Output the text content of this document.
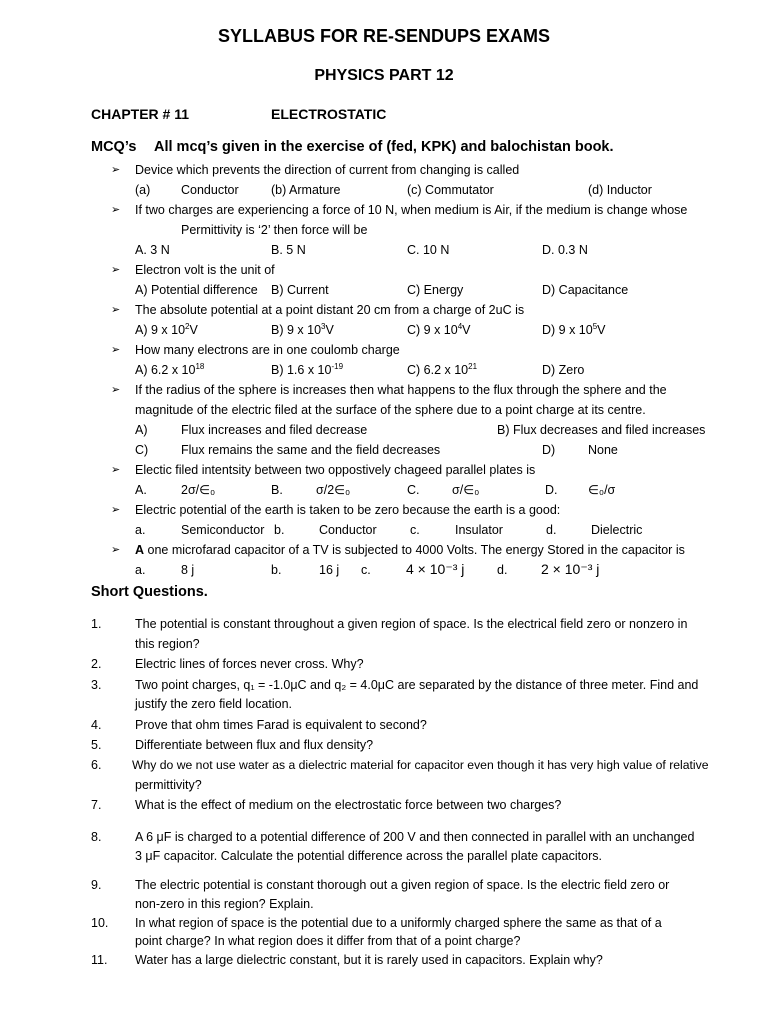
SYLLABUS FOR RE-SENDUPS EXAMS
PHYSICS PART 12
CHAPTER # 11	ELECTROSTATIC
MCQ’s All mcq’s given in the exercise of (fed, KPK) and balochistan book.
➢ Device which prevents the direction of current from changing is called
(a) Conductor	(b) Armature	(c) Commutator	(d) Inductor
➢ If two charges are experiencing a force of 10 N, when medium is Air, if the medium is change whose
Permittivity is ‘2’ then force will be
A. 3 N	B. 5 N	C. 10 N	D. 0.3 N
➢ Electron volt is the unit of
A) Potential difference B) Current	C) Energy	D) Capacitance
➢ The absolute potential at a point distant 20 cm from a charge of 2uC is
A) 9 x $10^2V$	B) 9 x $10^3V$	C) 9 x $10^4V$	D) 9 x $10^5V$
➢ How many electrons are in one coulomb charge
A) 6.2 x $10^{18}$	B) 1.6 x $10^{-19}$	C) 6.2 x $10^{21}$	D) Zero
➢ If the radius of the sphere is increases then what happens to the flux through the sphere and the
magnitude of the electric filed at the surface of the sphere due to a point charge at its centre.
A)	Flux increases and filed decrease	B) Flux decreases and filed increases
C)	Flux remains the same and the field decreases	D)	None
➢ Electic filed intentsity between two oppostively chageed parallel plates is
A.	2σ/∈₀	B.	σ/2∈₀	C.	σ/∈₀	D. ∈₀/σ
➢ Electric potential of the earth is taken to be zero because the earth is a good:
a.	Semiconductor b.	Conductor	c.	Insulator	d.	Dielectric
➢ A one microfarad capacitor of a TV is subjected to 4000 Volts. The energy Stored in the capacitor is
a.	8 j	b.	16 j c.	4 × 10⁻³ j	d. 2 × 10⁻³ j
Short Questions.
1.	The potential is constant throughout a given region of space. Is the electrical field zero or nonzero in
this region?
2.	Electric lines of forces never cross. Why?
3.	Two point charges, q₁ = -1.0μC and q₂ = 4.0μC are separated by the distance of three meter. Find and
justify the zero field location.
4.	Prove that ohm times Farad is equivalent to second?
5.	Differentiate between flux and flux density?
6.	Why do we not use water as a dielectric material for capacitor even though it has very high value of relative
permittivity?
7.	What is the effect of medium on the electrostatic force between two charges?
8.	A 6 μF is charged to a potential difference of 200 V and then connected in parallel with an unchanged
3 μF capacitor. Calculate the potential difference across the parallel plate capacitors.
9.	The electric potential is constant thorough out a given region of space. Is the electric field zero or
non-zero in this region? Explain.
10. In what region of space is the potential due to a uniformly charged sphere the same as that of a
point charge? In what region does it differ from that of a point charge?
11. Water has a large dielectric constant, but it is rarely used in capacitors. Explain why?
